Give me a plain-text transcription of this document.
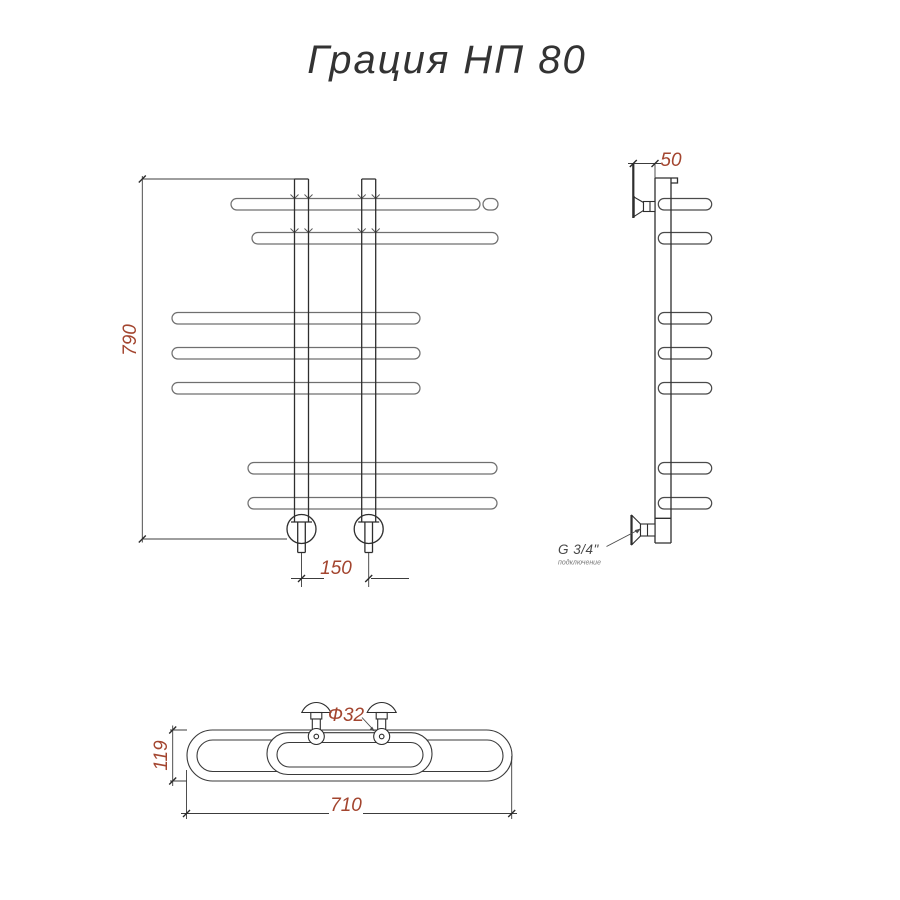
Грация НП 80
790
150
50
G 3/4"
подключение
Ф32
119
710
